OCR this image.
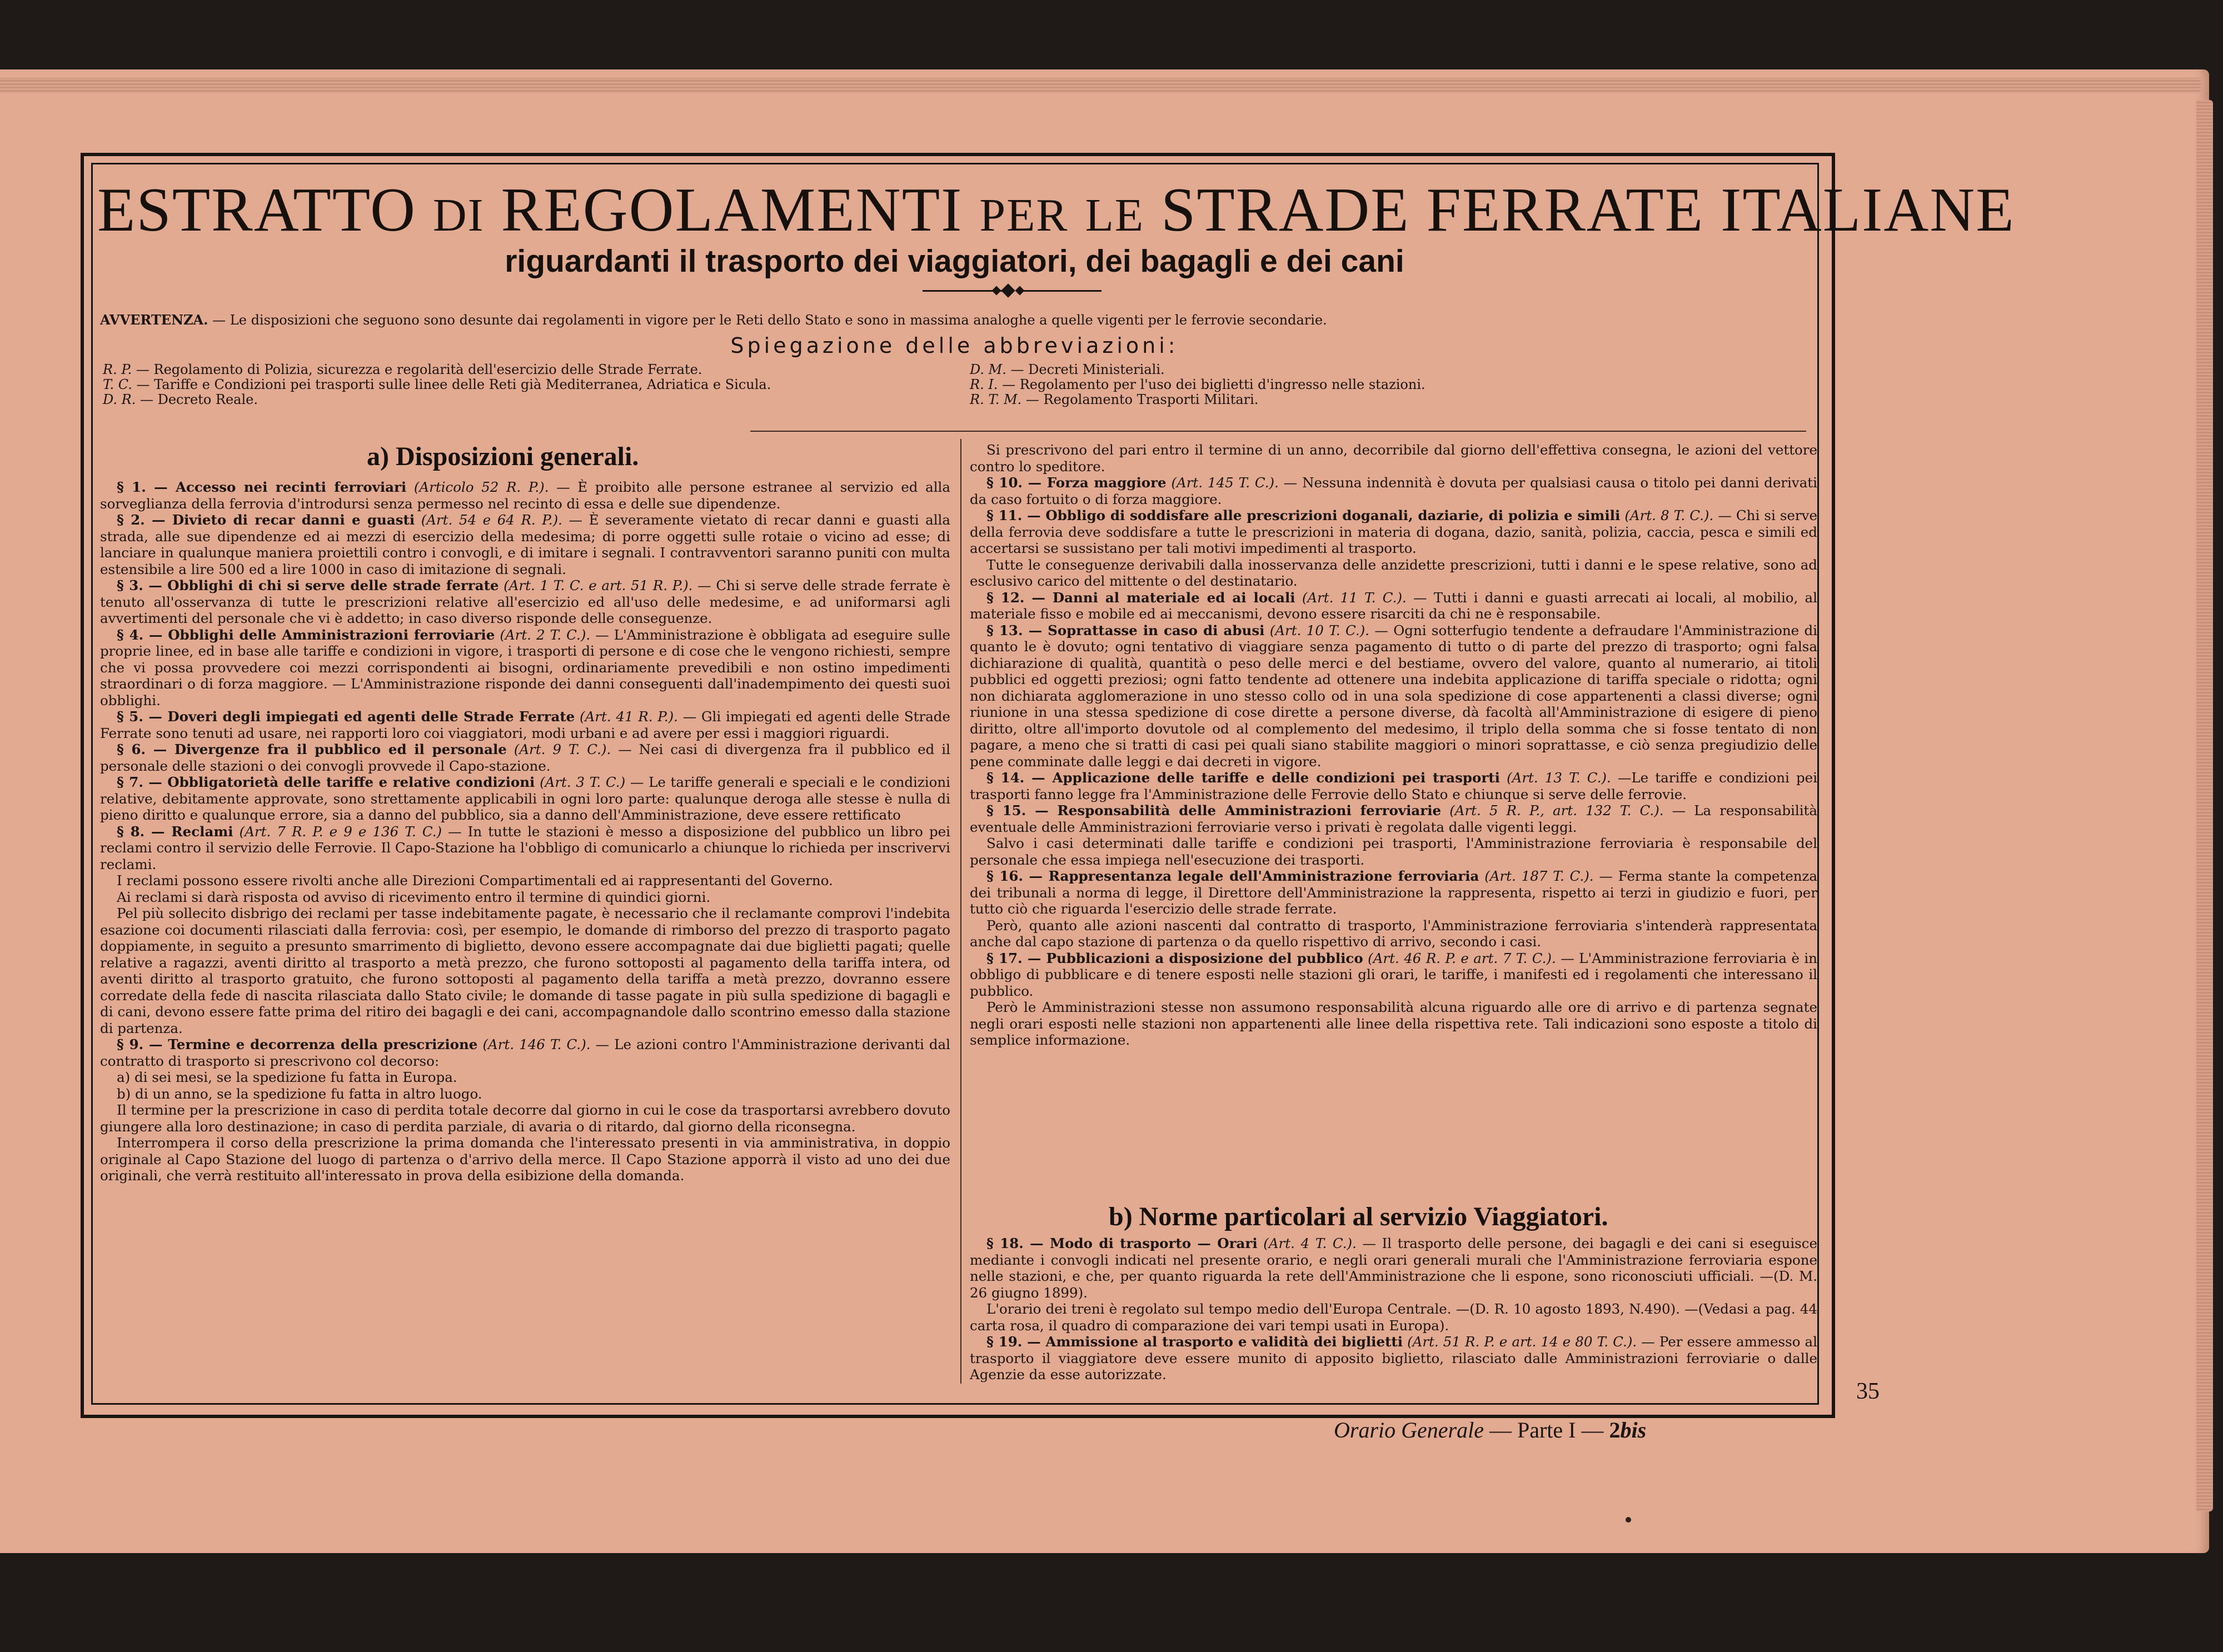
ESTRATTO DI REGOLAMENTI PER LE STRADE FERRATE ITALIANE
riguardanti il trasporto dei viaggiatori, dei bagagli e dei cani
AVVERTENZA. — Le disposizioni che seguono sono desunte dai regolamenti in vigore per le Reti dello Stato e sono in massima analoghe a quelle vigenti per le ferrovie secondarie.
Spiegazione delle abbreviazioni:
R. P. — Regolamento di Polizia, sicurezza e regolarità dell'esercizio delle Strade Ferrate.
T. C. — Tariffe e Condizioni pei trasporti sulle linee delle Reti già Mediterranea, Adriatica e Sicula.
D. R. — Decreto Reale.
D. M. — Decreti Ministeriali.
R. I. — Regolamento per l'uso dei biglietti d'ingresso nelle stazioni.
R. T. M. — Regolamento Trasporti Militari.
a) Disposizioni generali.

§ 1. — Accesso nei recinti ferroviari (Articolo 52 R. P.). — È proibito alle persone estranee al servizio ed alla sorveglianza della ferrovia d'introdursi senza permesso nel recinto di essa e delle sue dipendenze.

§ 2. — Divieto di recar danni e guasti (Art. 54 e 64 R. P.). — È severamente vietato di recar danni e guasti alla strada, alle sue dipendenze ed ai mezzi di esercizio della medesima; di porre oggetti sulle rotaie o vicino ad esse; di lanciare in qualunque maniera proiettili contro i convogli, e di imitare i segnali. I contravventori saranno puniti con multa estensibile a lire 500 ed a lire 1000 in caso di imitazione di segnali.

§ 3. — Obblighi di chi si serve delle strade ferrate (Art. 1 T. C. e art. 51 R. P.). — Chi si serve delle strade ferrate è tenuto all'osservanza di tutte le prescrizioni relative all'esercizio ed all'uso delle medesime, e ad uniformarsi agli avvertimenti del personale che vi è addetto; in caso diverso risponde delle conseguenze.

§ 4. — Obblighi delle Amministrazioni ferroviarie (Art. 2 T. C.). — L'Amministrazione è obbligata ad eseguire sulle proprie linee, ed in base alle tariffe e condizioni in vigore, i trasporti di persone e di cose che le vengono richiesti, sempre che vi possa provvedere coi mezzi corrispondenti ai bisogni, ordinariamente prevedibili e non ostino impedimenti straordinari o di forza maggiore. — L'Amministrazione risponde dei danni conseguenti dall'inadempimento dei questi suoi obblighi.

§ 5. — Doveri degli impiegati ed agenti delle Strade Ferrate (Art. 41 R. P.). — Gli impiegati ed agenti delle Strade Ferrate sono tenuti ad usare, nei rapporti loro coi viaggiatori, modi urbani e ad avere per essi i maggiori riguardi.

§ 6. — Divergenze fra il pubblico ed il personale (Art. 9 T. C.). — Nei casi di divergenza fra il pubblico ed il personale delle stazioni o dei convogli provvede il Capo-stazione.

§ 7. — Obbligatorietà delle tariffe e relative condizioni (Art. 3 T. C.) — Le tariffe generali e speciali e le condizioni relative, debitamente approvate, sono strettamente applicabili in ogni loro parte: qualunque deroga alle stesse è nulla di pieno diritto e qualunque errore, sia a danno del pubblico, sia a danno dell'Amministrazione, deve essere rettificato

§ 8. — Reclami (Art. 7 R. P. e 9 e 136 T. C.) — In tutte le stazioni è messo a disposizione del pubblico un libro pei reclami contro il servizio delle Ferrovie. Il Capo-Stazione ha l'obbligo di comunicarlo a chiunque lo richieda per inscrivervi reclami.

I reclami possono essere rivolti anche alle Direzioni Compartimentali ed ai rappresentanti del Governo.

Ai reclami si darà risposta od avviso di ricevimento entro il termine di quindici giorni.

Pel più sollecito disbrigo dei reclami per tasse indebitamente pagate, è necessario che il reclamante comprovi l'indebita esazione coi documenti rilasciati dalla ferrovia: così, per esempio, le domande di rimborso del prezzo di trasporto pagato doppiamente, in seguito a presunto smarrimento di biglietto, devono essere accompagnate dai due biglietti pagati; quelle relative a ragazzi, aventi diritto al trasporto a metà prezzo, che furono sottoposti al pagamento della tariffa intera, od aventi diritto al trasporto gratuito, che furono sottoposti al pagamento della tariffa a metà prezzo, dovranno essere corredate della fede di nascita rilasciata dallo Stato civile; le domande di tasse pagate in più sulla spedizione di bagagli e di cani, devono essere fatte prima del ritiro dei bagagli e dei cani, accompagnandole dallo scontrino emesso dalla stazione di partenza.

§ 9. — Termine e decorrenza della prescrizione (Art. 146 T. C.). — Le azioni contro l'Amministrazione derivanti dal contratto di trasporto si prescrivono col decorso:

a) di sei mesi, se la spedizione fu fatta in Europa.

b) di un anno, se la spedizione fu fatta in altro luogo.

Il termine per la prescrizione in caso di perdita totale decorre dal giorno in cui le cose da trasportarsi avrebbero dovuto giungere alla loro destinazione; in caso di perdita parziale, di avaria o di ritardo, dal giorno della riconsegna.

Interrompera il corso della prescrizione la prima domanda che l'interessato presenti in via amministrativa, in doppio originale al Capo Stazione del luogo di partenza o d'arrivo della merce. Il Capo Stazione apporrà il visto ad uno dei due originali, che verrà restituito all'interessato in prova della esibizione della domanda.

Si prescrivono del pari entro il termine di un anno, decorribile dal giorno dell'effettiva consegna, le azioni del vettore contro lo speditore.

§ 10. — Forza maggiore (Art. 145 T. C.). — Nessuna indennità è dovuta per qualsiasi causa o titolo pei danni derivati da caso fortuito o di forza maggiore.

§ 11. — Obbligo di soddisfare alle prescrizioni doganali, daziarie, di polizia e simili (Art. 8 T. C.). — Chi si serve della ferrovia deve soddisfare a tutte le prescrizioni in materia di dogana, dazio, sanità, polizia, caccia, pesca e simili ed accertarsi se sussistano per tali motivi impedimenti al trasporto.

Tutte le conseguenze derivabili dalla inosservanza delle anzidette prescrizioni, tutti i danni e le spese relative, sono ad esclusivo carico del mittente o del destinatario.

§ 12. — Danni al materiale ed ai locali (Art. 11 T. C.). — Tutti i danni e guasti arrecati ai locali, al mobilio, al materiale fisso e mobile ed ai meccanismi, devono essere risarciti da chi ne è responsabile.

§ 13. — Soprattasse in caso di abusi (Art. 10 T. C.). — Ogni sotterfugio tendente a defraudare l'Amministrazione di quanto le è dovuto; ogni tentativo di viaggiare senza pagamento di tutto o di parte del prezzo di trasporto; ogni falsa dichiarazione di qualità, quantità o peso delle merci e del bestiame, ovvero del valore, quanto al numerario, ai titoli pubblici ed oggetti preziosi; ogni fatto tendente ad ottenere una indebita applicazione di tariffa speciale o ridotta; ogni non dichiarata agglomerazione in uno stesso collo od in una sola spedizione di cose appartenenti a classi diverse; ogni riunione in una stessa spedizione di cose dirette a persone diverse, dà facoltà all'Amministrazione di esigere di pieno diritto, oltre all'importo dovutole od al complemento del medesimo, il triplo della somma che si fosse tentato di non pagare, a meno che si tratti di casi pei quali siano stabilite maggiori o minori soprattasse, e ciò senza pregiudizio delle pene comminate dalle leggi e dai decreti in vigore.

§ 14. — Applicazione delle tariffe e delle condizioni pei trasporti (Art. 13 T. C.). —Le tariffe e condizioni pei trasporti fanno legge fra l'Amministrazione delle Ferrovie dello Stato e chiunque si serve delle ferrovie.

§ 15. — Responsabilità delle Amministrazioni ferroviarie (Art. 5 R. P., art. 132 T. C.). — La responsabilità eventuale delle Amministrazioni ferroviarie verso i privati è regolata dalle vigenti leggi.

Salvo i casi determinati dalle tariffe e condizioni pei trasporti, l'Amministrazione ferroviaria è responsabile del personale che essa impiega nell'esecuzione dei trasporti.

§ 16. — Rappresentanza legale dell'Amministrazione ferroviaria (Art. 187 T. C.). — Ferma stante la competenza dei tribunali a norma di legge, il Direttore dell'Amministrazione la rappresenta, rispetto ai terzi in giudizio e fuori, per tutto ciò che riguarda l'esercizio delle strade ferrate.

Però, quanto alle azioni nascenti dal contratto di trasporto, l'Amministrazione ferroviaria s'intenderà rappresentata anche dal capo stazione di partenza o da quello rispettivo di arrivo, secondo i casi.

§ 17. — Pubblicazioni a disposizione del pubblico (Art. 46 R. P. e art. 7 T. C.). — L'Amministrazione ferroviaria è in obbligo di pubblicare e di tenere esposti nelle stazioni gli orari, le tariffe, i manifesti ed i regolamenti che interessano il pubblico.

Però le Amministrazioni stesse non assumono responsabilità alcuna riguardo alle ore di arrivo e di partenza segnate negli orari esposti nelle stazioni non appartenenti alle linee della rispettiva rete. Tali indicazioni sono esposte a titolo di semplice informazione.

b) Norme particolari al servizio Viaggiatori.

§ 18. — Modo di trasporto — Orari (Art. 4 T. C.). — Il trasporto delle persone, dei bagagli e dei cani si eseguisce mediante i convogli indicati nel presente orario, e negli orari generali murali che l'Amministrazione ferroviaria espone nelle stazioni, e che, per quanto riguarda la rete dell'Amministrazione che li espone, sono riconosciuti ufficiali. —(D. M. 26 giugno 1899).

L'orario dei treni è regolato sul tempo medio dell'Europa Centrale. —(D. R. 10 agosto 1893, N.490). —(Vedasi a pag. 44 carta rosa, il quadro di comparazione dei vari tempi usati in Europa).

§ 19. — Ammissione al trasporto e validità dei biglietti (Art. 51 R. P. e art. 14 e 80 T. C.). — Per essere ammesso al trasporto il viaggiatore deve essere munito di apposito biglietto, rilasciato dalle Amministrazioni ferroviarie o dalle Agenzie da esse autorizzate.

35
Orario Generale — Parte I — 2bis
